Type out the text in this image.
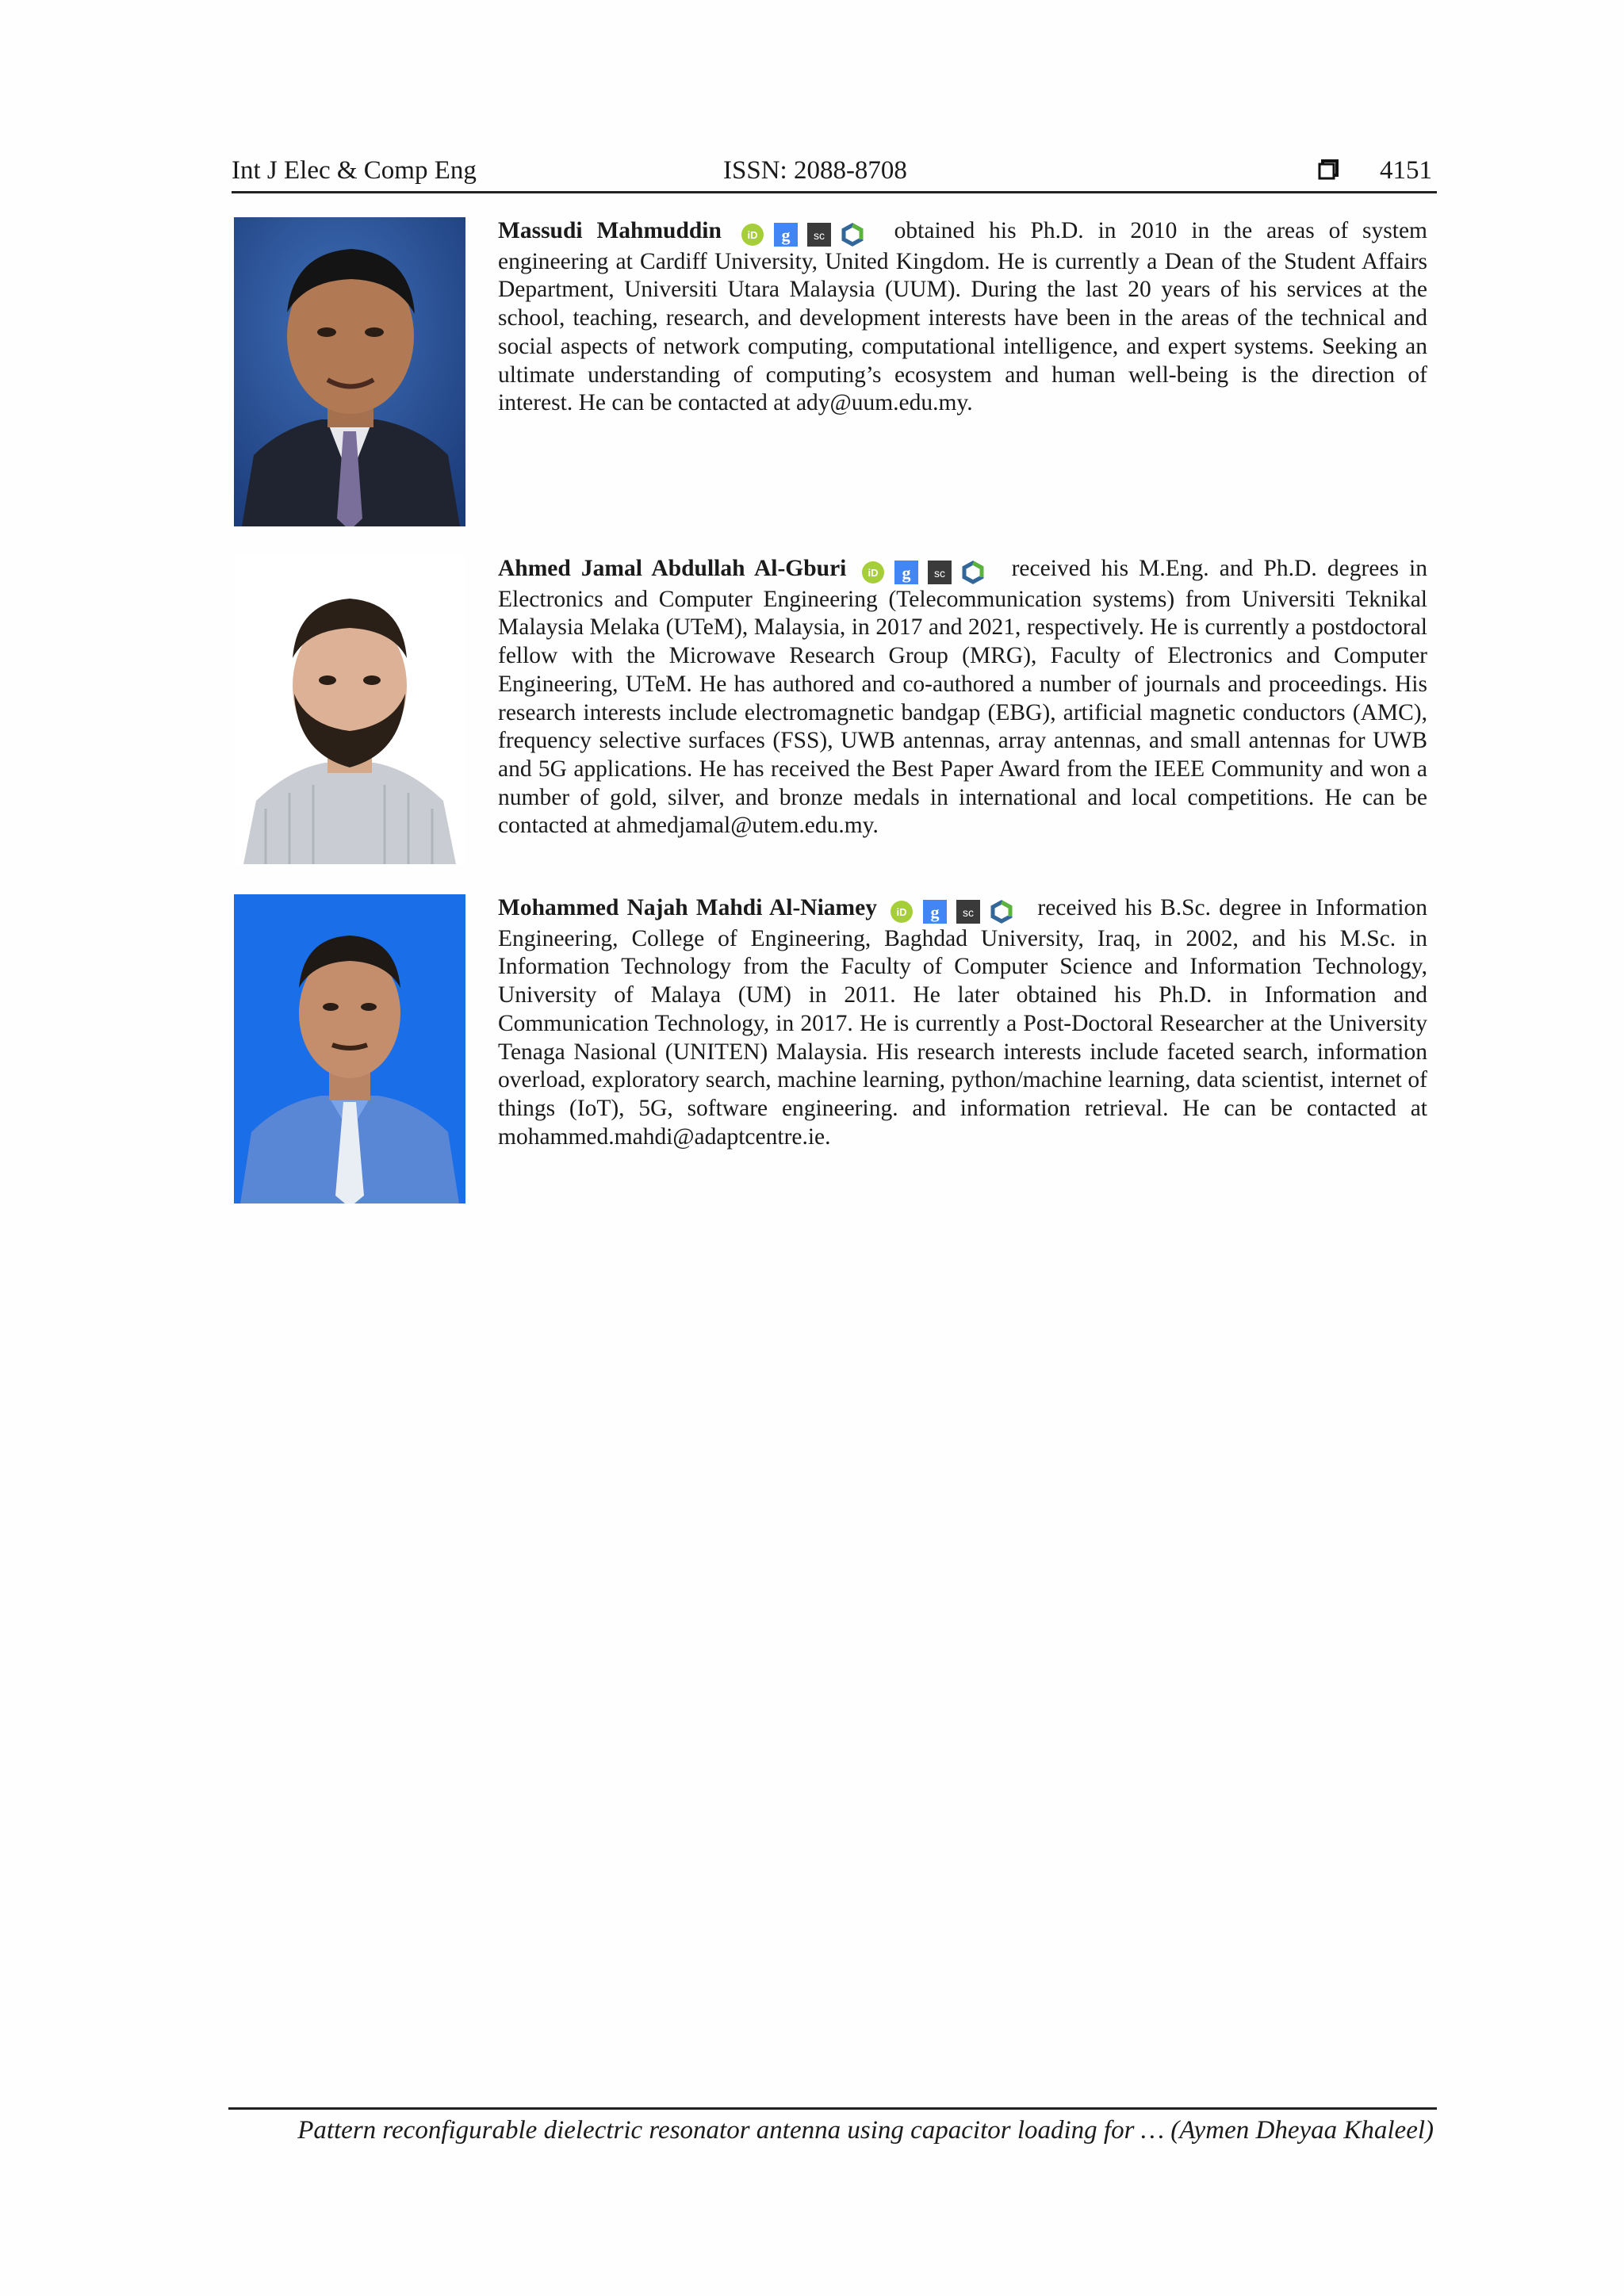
Int J Elec & Comp Eng	ISSN: 2088-8708	4151
Massudi Mahmuddin iD g sc	obtained his Ph.D. in 2010 in the areas of system engineering at Cardiff University, United Kingdom. He is currently a Dean of the Student Affairs Department, Universiti Utara Malaysia (UUM). During the last 20 years of his services at the school, teaching, research, and development interests have been in the areas of the technical and social aspects of network computing, computational intelligence, and expert systems. Seeking an ultimate understanding of computing’s ecosystem and human well-being is the direction of interest. He can be contacted at ady@uum.edu.my.
Ahmed Jamal Abdullah Al-Gburi iD g sc	received his M.Eng. and Ph.D. degrees in Electronics and Computer Engineering (Telecommunication systems) from Universiti Teknikal Malaysia Melaka (UTeM), Malaysia, in 2017 and 2021, respectively. He is currently a postdoctoral fellow with the Microwave Research Group (MRG), Faculty of Electronics and Computer Engineering, UTeM. He has authored and co-authored a number of journals and proceedings. His research interests include electromagnetic bandgap (EBG), artificial magnetic conductors (AMC), frequency selective surfaces (FSS), UWB antennas, array antennas, and small antennas for UWB and 5G applications. He has received the Best Paper Award from the IEEE Community and won a number of gold, silver, and bronze medals in international and local competitions. He can be contacted at ahmedjamal@utem.edu.my.
Mohammed Najah Mahdi Al-Niamey iD g sc	received his B.Sc. degree in Information Engineering, College of Engineering, Baghdad University, Iraq, in 2002, and his M.Sc. in Information Technology from the Faculty of Computer Science and Information Technology, University of Malaya (UM) in 2011. He later obtained his Ph.D. in Information and Communication Technology, in 2017. He is currently a Post-Doctoral Researcher at the University Tenaga Nasional (UNITEN) Malaysia. His research interests include faceted search, information overload, exploratory search, machine learning, python/machine learning, data scientist, internet of things (IoT), 5G, software engineering. and information retrieval. He can be contacted at mohammed.mahdi@adaptcentre.ie.
Pattern reconfigurable dielectric resonator antenna using capacitor loading for … (Aymen Dheyaa Khaleel)
